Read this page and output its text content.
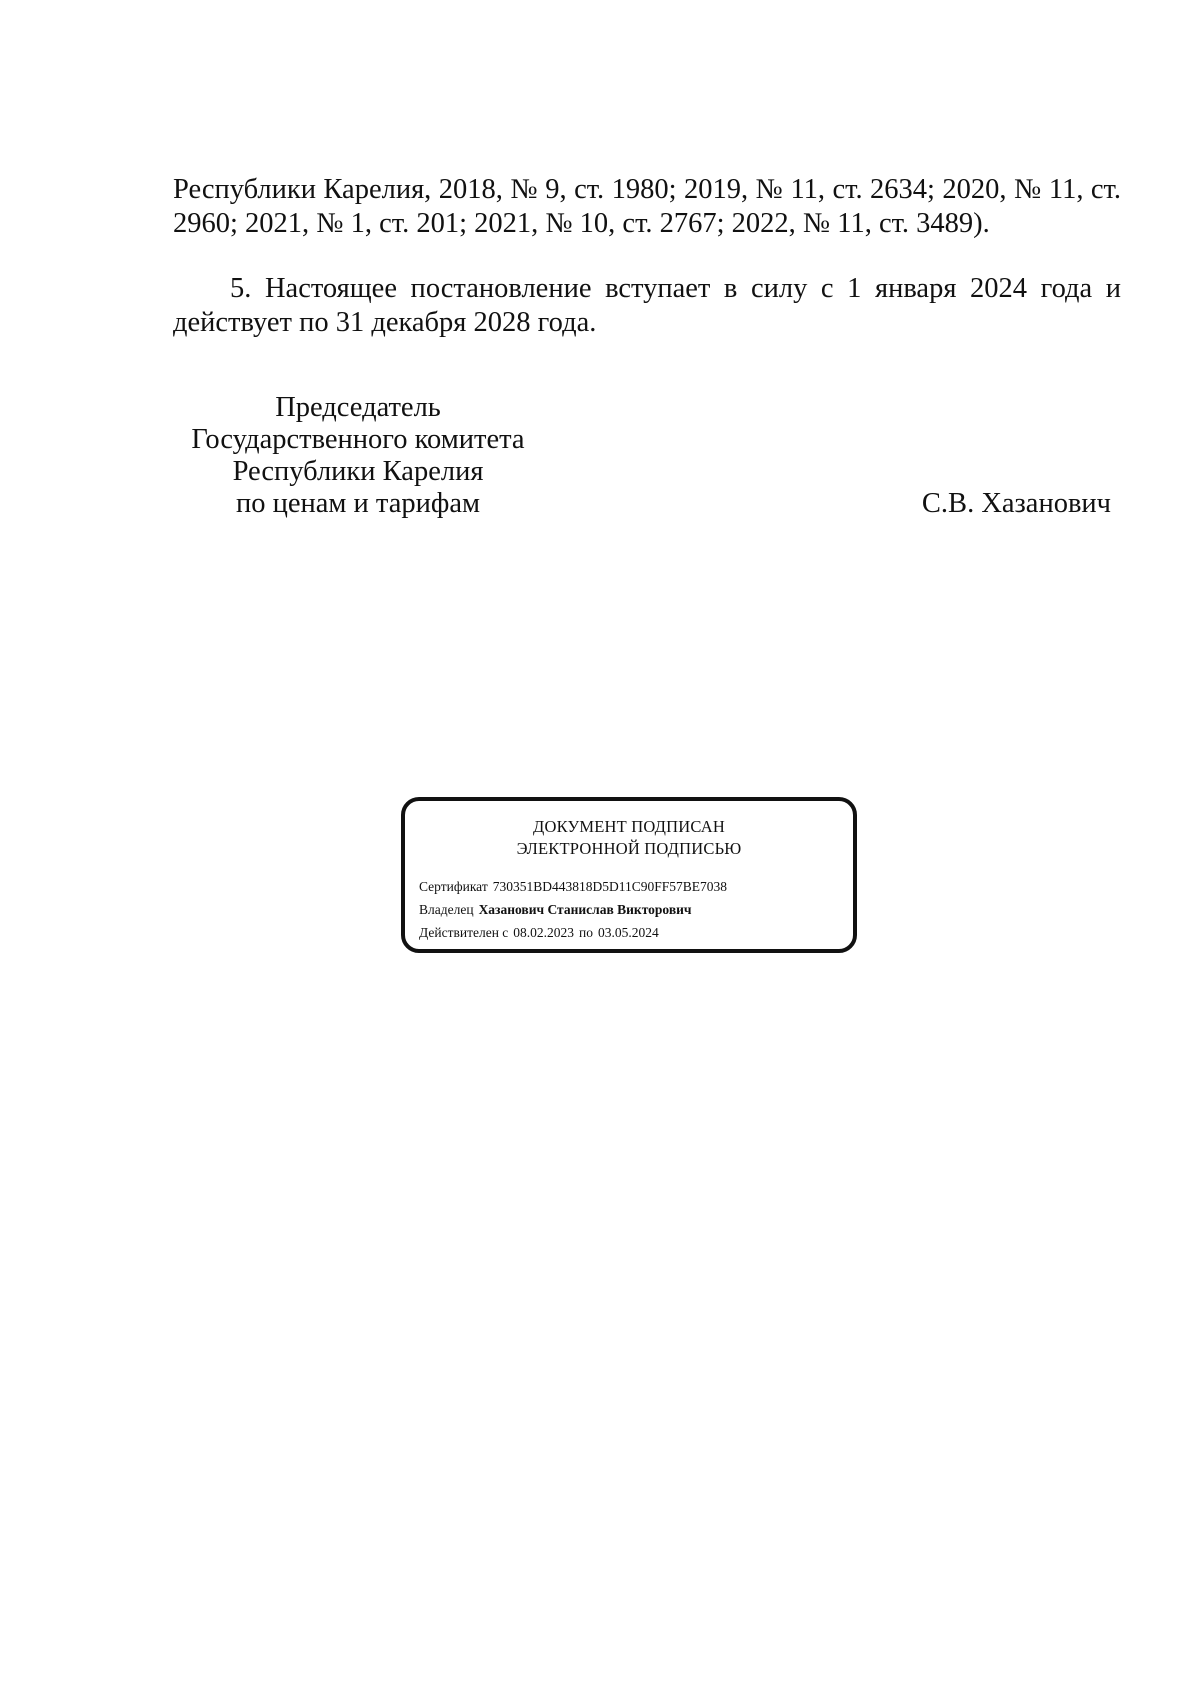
Республики Карелия, 2018, № 9, ст. 1980; 2019, № 11, ст. 2634; 2020, № 11, ст. 2960; 2021, № 1, ст. 201; 2021, № 10, ст. 2767; 2022, № 11, ст. 3489).

5. Настоящее постановление вступает в силу с 1 января 2024 года и действует по 31 декабря 2028 года.

Председатель
Государственного комитета
Республики Карелия
по ценам и тарифам	С.В. Хазанович
ДОКУМЕНТ ПОДПИСАН
ЭЛЕКТРОННОЙ ПОДПИСЬЮ
Сертификат 730351BD443818D5D11C90FF57BE7038
Владелец Хазанович Станислав Викторович
Действителен с 08.02.2023 по 03.05.2024
